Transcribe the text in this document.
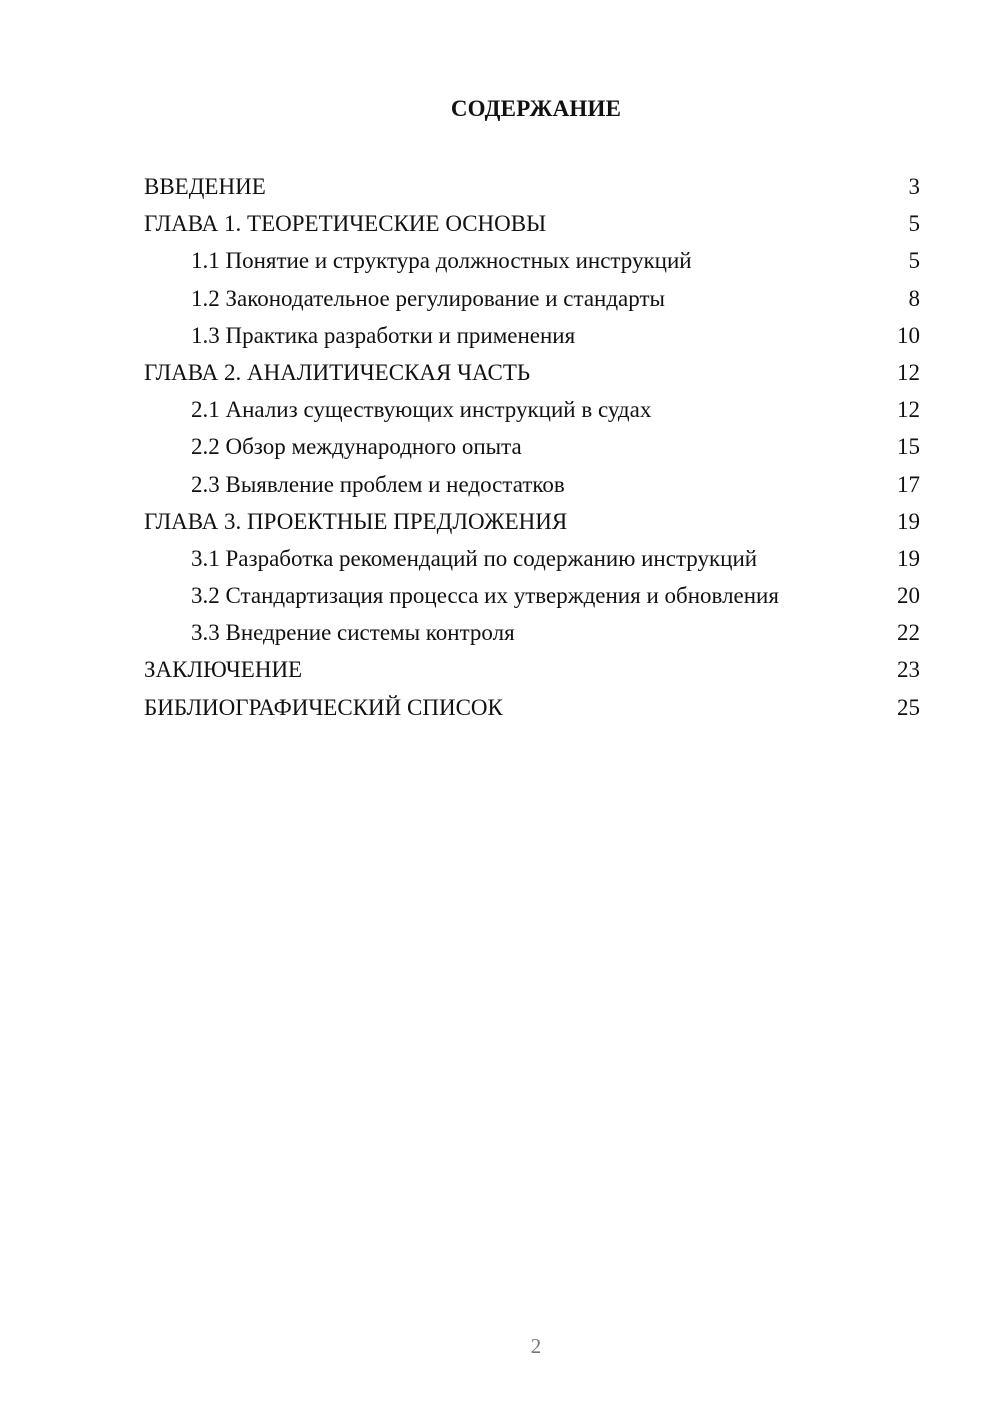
СОДЕРЖАНИЕ
ВВЕДЕНИЕ	3
ГЛАВА 1. ТЕОРЕТИЧЕСКИЕ ОСНОВЫ	5
1.1 Понятие и структура должностных инструкций	5
1.2 Законодательное регулирование и стандарты	8
1.3 Практика разработки и применения	10
ГЛАВА 2. АНАЛИТИЧЕСКАЯ ЧАСТЬ	12
2.1 Анализ существующих инструкций в судах	12
2.2 Обзор международного опыта	15
2.3 Выявление проблем и недостатков	17
ГЛАВА 3. ПРОЕКТНЫЕ ПРЕДЛОЖЕНИЯ	19
3.1 Разработка рекомендаций по содержанию инструкций	19
3.2 Стандартизация процесса их утверждения и обновления	20
3.3 Внедрение системы контроля	22
ЗАКЛЮЧЕНИЕ	23
БИБЛИОГРАФИЧЕСКИЙ СПИСОК	25
2
